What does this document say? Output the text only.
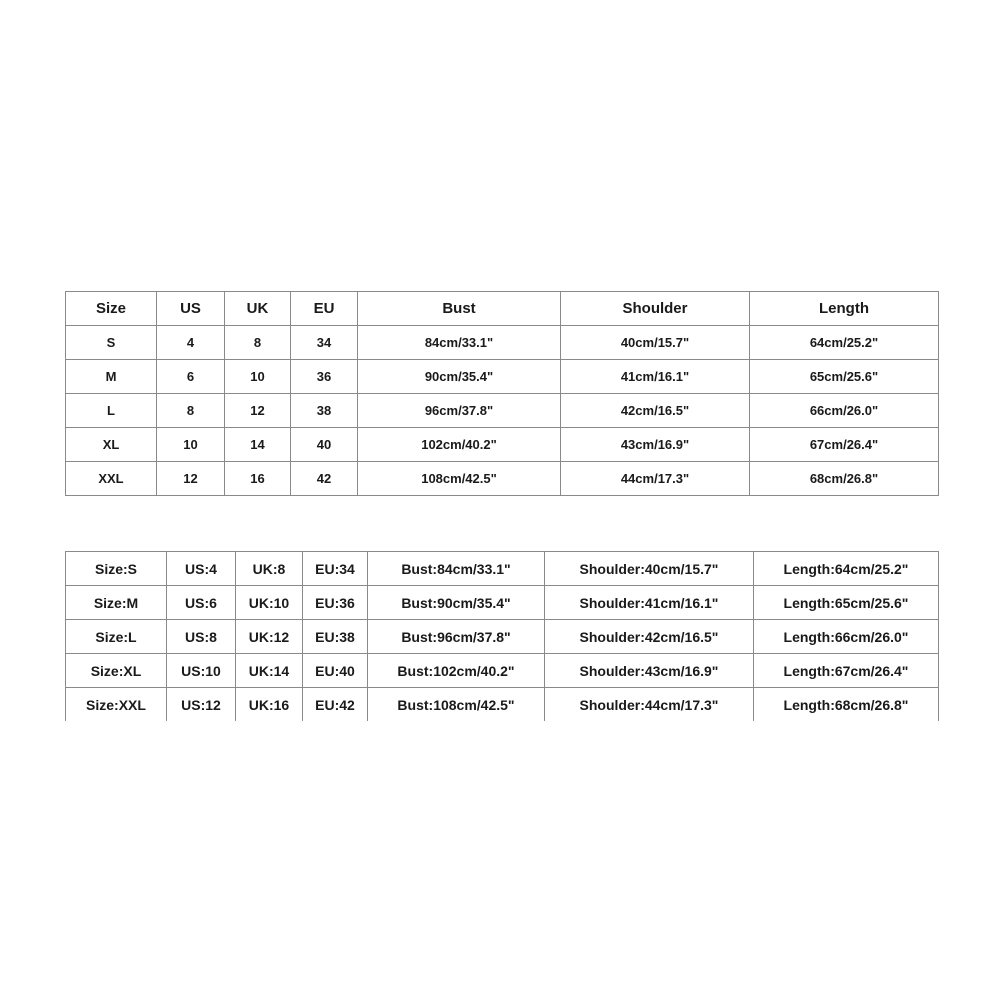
Size	US	UK	EU	Bust	Shoulder	Length
S	4	8	34	84cm/33.1"	40cm/15.7"	64cm/25.2"
M	6	10	36	90cm/35.4"	41cm/16.1"	65cm/25.6"
L	8	12	38	96cm/37.8"	42cm/16.5"	66cm/26.0"
XL	10	14	40	102cm/40.2"	43cm/16.9"	67cm/26.4"
XXL	12	16	42	108cm/42.5"	44cm/17.3"	68cm/26.8"
Size:S	US:4	UK:8	EU:34	Bust:84cm/33.1"	Shoulder:40cm/15.7"	Length:64cm/25.2"
Size:M	US:6	UK:10	EU:36	Bust:90cm/35.4"	Shoulder:41cm/16.1"	Length:65cm/25.6"
Size:L	US:8	UK:12	EU:38	Bust:96cm/37.8"	Shoulder:42cm/16.5"	Length:66cm/26.0"
Size:XL	US:10	UK:14	EU:40	Bust:102cm/40.2"	Shoulder:43cm/16.9"	Length:67cm/26.4"
Size:XXL	US:12	UK:16	EU:42	Bust:108cm/42.5"	Shoulder:44cm/17.3"	Length:68cm/26.8"
